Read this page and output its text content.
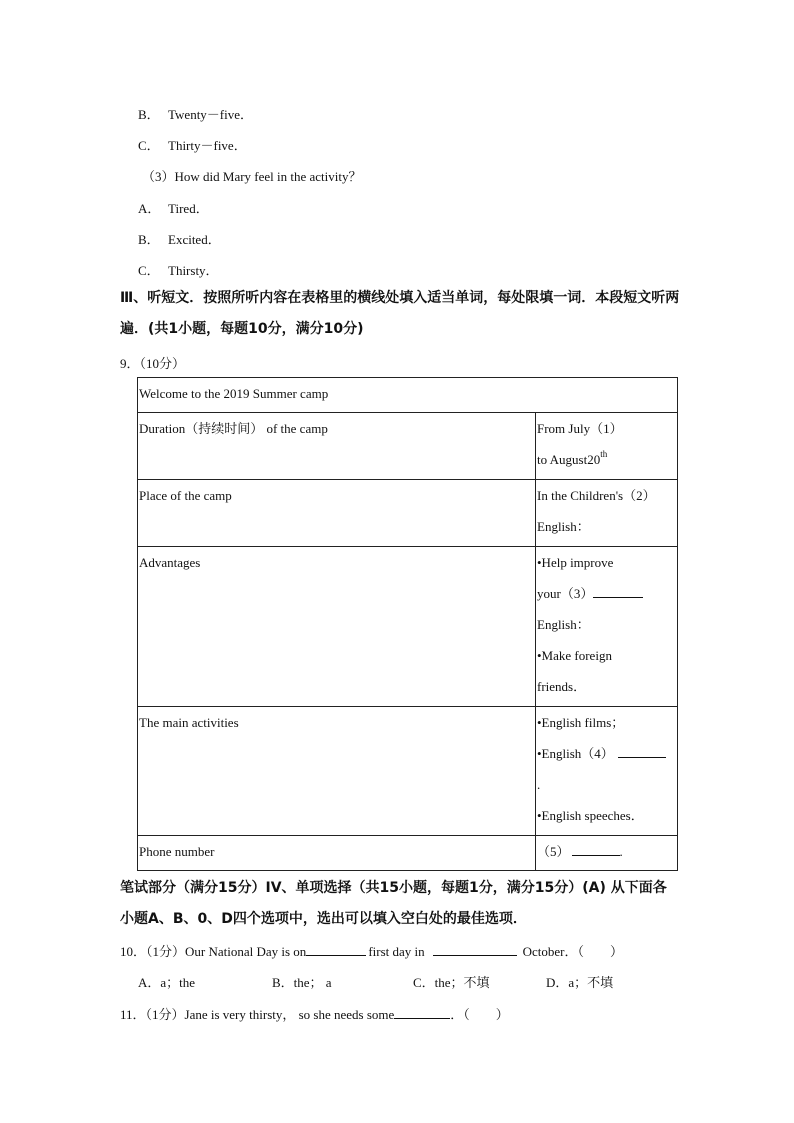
B． Twenty－five．
C． Thirty－five．
（3）How did Mary feel in the activity？
A． Tired．
B． Excited．
C． Thirsty．
Ⅲ、听短文．按照所听内容在表格里的横线处填入适当单词，每处限填一词．本段短文听两遍．(共1小题，每题10分，满分10分)
9．（10分）
Welcome to the 2019 Summer camp	
Duration（持续时间） of the camp	From July（1）
to August20th

Place of the camp	In the Children's（2）
English：

Advantages	•Help improve
your（3）
English：
•Make foreign
friends．

The main activities	•English films；
•English（4）
.
•English speeches．

Phone number	（5） .
笔试部分（满分15分）IV、单项选择（共15小题，每题1分，满分15分）(A) 从下面各小题A、B、0、D四个选项中，选出可以填入空白处的最佳选项．
10．（1分）Our National Day is on	first day in	October．（　　）
A．a；the	B．the； a	C．the；不填	D．a；不填
11．（1分）Jane is very thirsty， so she needs some	．（　　）
